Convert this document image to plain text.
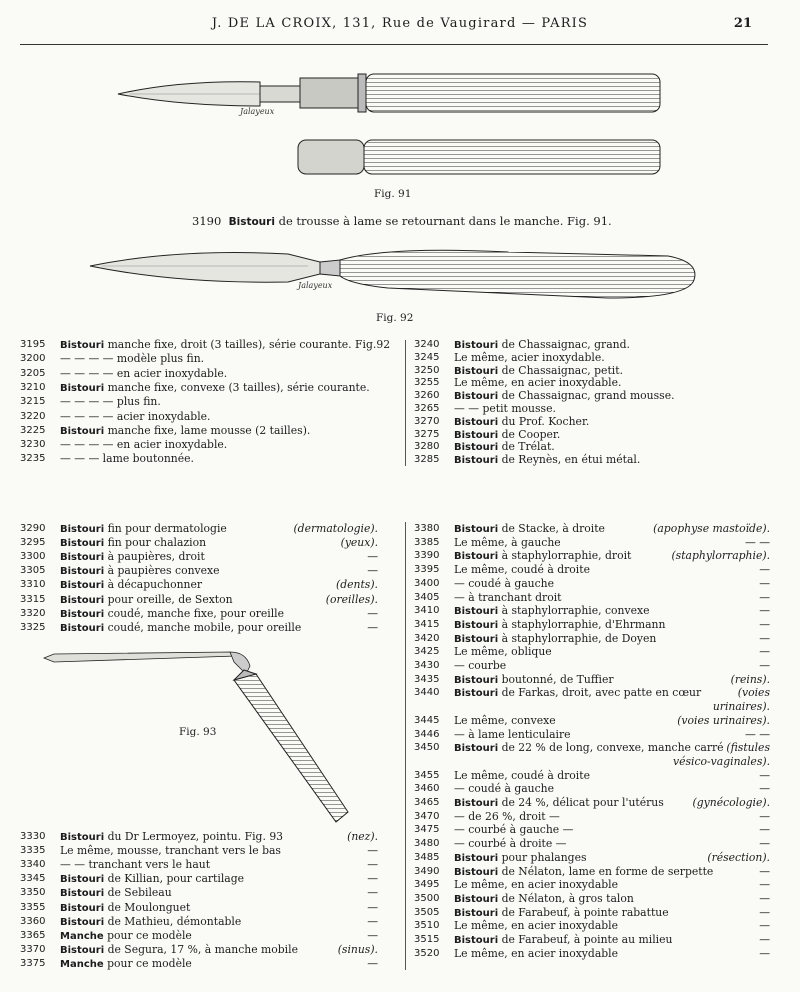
J. DE LA CROIX, 131, Rue de Vaugirard — PARIS	21
Jalayeux
Fig. 91
3190 Bistouri de trousse à lame se retournant dans le manche. Fig. 91.
Jalayeux
Fig. 92
3195	Bistouri manche fixe, droit (3 tailles), série courante. Fig.92
3200	— — — — modèle plus fin.
3205	— — — — en acier inoxydable.
3210	Bistouri manche fixe, convexe (3 tailles), série courante.
3215	— — — — plus fin.
3220	— — — — acier inoxydable.
3225	Bistouri manche fixe, lame mousse (2 tailles).
3230	— — — — en acier inoxydable.
3235	— — — lame boutonnée.
3240	Bistouri de Chassaignac, grand.
3245	Le même, acier inoxydable.
3250	Bistouri de Chassaignac, petit.
3255	Le même, en acier inoxydable.
3260	Bistouri de Chassaignac, grand mousse.
3265	— — petit mousse.
3270	Bistouri du Prof. Kocher.
3275	Bistouri de Cooper.
3280	Bistouri de Trélat.
3285	Bistouri de Reynès, en étui métal.
3290	Bistouri fin pour dermatologie	(dermatologie).
3295	Bistouri fin pour chalazion	(yeux).
3300	Bistouri à paupières, droit	—
3305	Bistouri à paupières convexe	—
3310	Bistouri à décapuchonner	(dents).
3315	Bistouri pour oreille, de Sexton	(oreilles).
3320	Bistouri coudé, manche fixe, pour oreille	—
3325	Bistouri coudé, manche mobile, pour oreille	—
3380	Bistouri de Stacke, à droite	(apophyse mastoïde).
3385	Le même, à gauche	— —
3390	Bistouri à staphylorraphie, droit	(staphylorraphie).
3395	Le même, coudé à droite	—
3400	— coudé à gauche	—
3405	— à tranchant droit	—
3410	Bistouri à staphylorraphie, convexe	—
3415	Bistouri à staphylorraphie, d'Ehrmann	—
3420	Bistouri à staphylorraphie, de Doyen	—
3425	Le même, oblique	—
3430	— courbe	—
3435	Bistouri boutonné, de Tuffier	(reins).
3440	Bistouri de Farkas, droit, avec patte en cœur	(voies
urinaires).
3445	Le même, convexe	(voies urinaires).
3446	— à lame lenticulaire	— —
3450	Bistouri de 22 % de long, convexe, manche carré (fistules
vésico-vaginales).
3455	Le même, coudé à droite	—
3460	— coudé à gauche	—
3465	Bistouri de 24 %, délicat pour l'utérus	(gynécologie).
3470	— de 26 %, droit —	—
3475	— courbé à gauche —	—
3480	— courbé à droite —	—
3485	Bistouri pour phalanges	(résection).
3490	Bistouri de Nélaton, lame en forme de serpette	—
3495	Le même, en acier inoxydable	—
3500	Bistouri de Nélaton, à gros talon	—
3505	Bistouri de Farabeuf, à pointe rabattue	—
3510	Le même, en acier inoxydable	—
3515	Bistouri de Farabeuf, à pointe au milieu	—
3520	Le même, en acier inoxydable	—
Fig. 93
3330	Bistouri du Dr Lermoyez, pointu. Fig. 93	(nez).
3335	Le même, mousse, tranchant vers le bas	—
3340	— — tranchant vers le haut	—
3345	Bistouri de Killian, pour cartilage	—
3350	Bistouri de Sebileau	—
3355	Bistouri de Moulonguet	—
3360	Bistouri de Mathieu, démontable	—
3365	Manche pour ce modèle	—
3370	Bistouri de Segura, 17 %, à manche mobile	(sinus).
3375	Manche pour ce modèle	—
